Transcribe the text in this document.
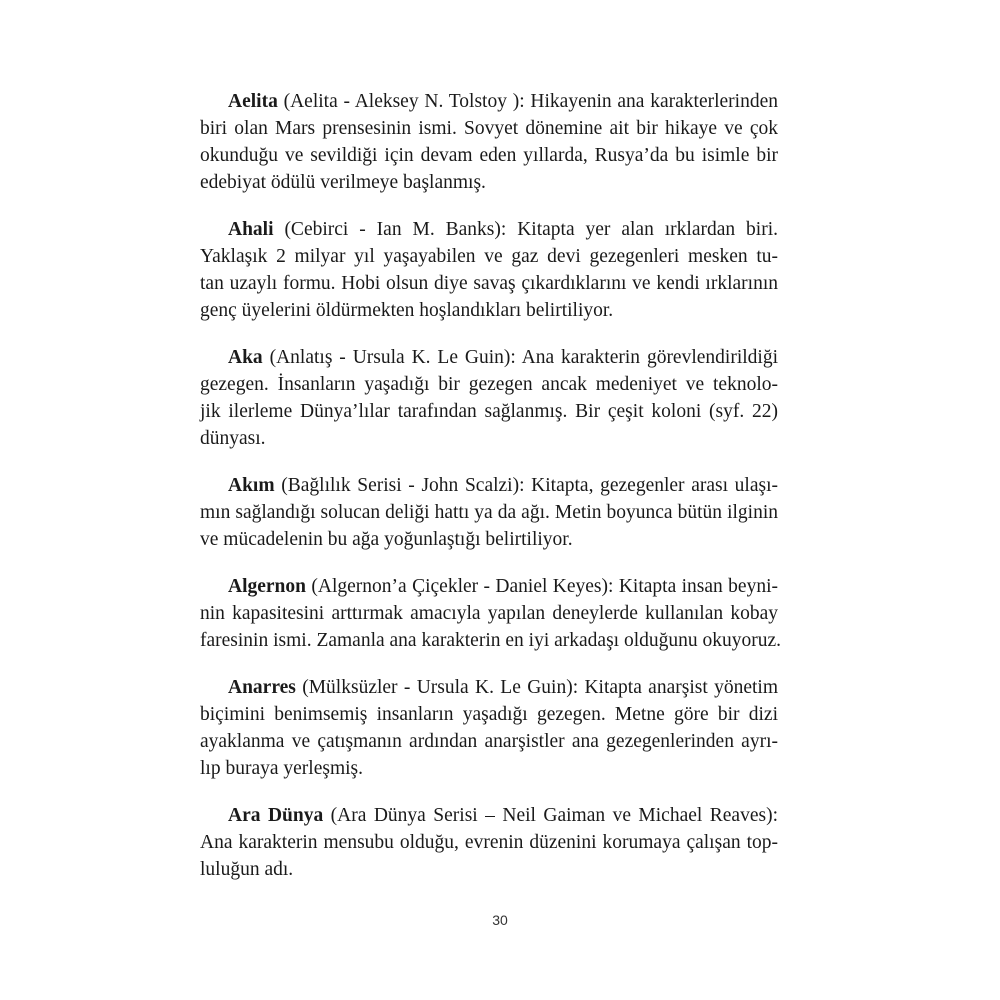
Aelita (Aelita - Aleksey N. Tolstoy ): Hikayenin ana karakterlerinden
biri olan Mars prensesinin ismi. Sovyet dönemine ait bir hikaye ve çok
okunduğu ve sevildiği için devam eden yıllarda, Rusya’da bu isimle bir
edebiyat ödülü verilmeye başlanmış.
Ahali (Cebirci - Ian M. Banks): Kitapta yer alan ırklardan biri.
Yaklaşık 2 milyar yıl yaşayabilen ve gaz devi gezegenleri mesken tu-
tan uzaylı formu. Hobi olsun diye savaş çıkardıklarını ve kendi ırklarının
genç üyelerini öldürmekten hoşlandıkları belirtiliyor.
Aka (Anlatış - Ursula K. Le Guin): Ana karakterin görevlendirildiği
gezegen. İnsanların yaşadığı bir gezegen ancak medeniyet ve teknolo-
jik ilerleme Dünya’lılar tarafından sağlanmış. Bir çeşit koloni (syf. 22)
dünyası.
Akım (Bağlılık Serisi - John Scalzi): Kitapta, gezegenler arası ulaşı-
mın sağlandığı solucan deliği hattı ya da ağı. Metin boyunca bütün ilginin
ve mücadelenin bu ağa yoğunlaştığı belirtiliyor.
Algernon (Algernon’a Çiçekler - Daniel Keyes): Kitapta insan beyni-
nin kapasitesini arttırmak amacıyla yapılan deneylerde kullanılan kobay
faresinin ismi. Zamanla ana karakterin en iyi arkadaşı olduğunu okuyoruz.
Anarres (Mülksüzler - Ursula K. Le Guin): Kitapta anarşist yönetim
biçimini benimsemiş insanların yaşadığı gezegen. Metne göre bir dizi
ayaklanma ve çatışmanın ardından anarşistler ana gezegenlerinden ayrı-
lıp buraya yerleşmiş.
Ara Dünya (Ara Dünya Serisi – Neil Gaiman ve Michael Reaves):
Ana karakterin mensubu olduğu, evrenin düzenini korumaya çalışan top-
luluğun adı.
30
